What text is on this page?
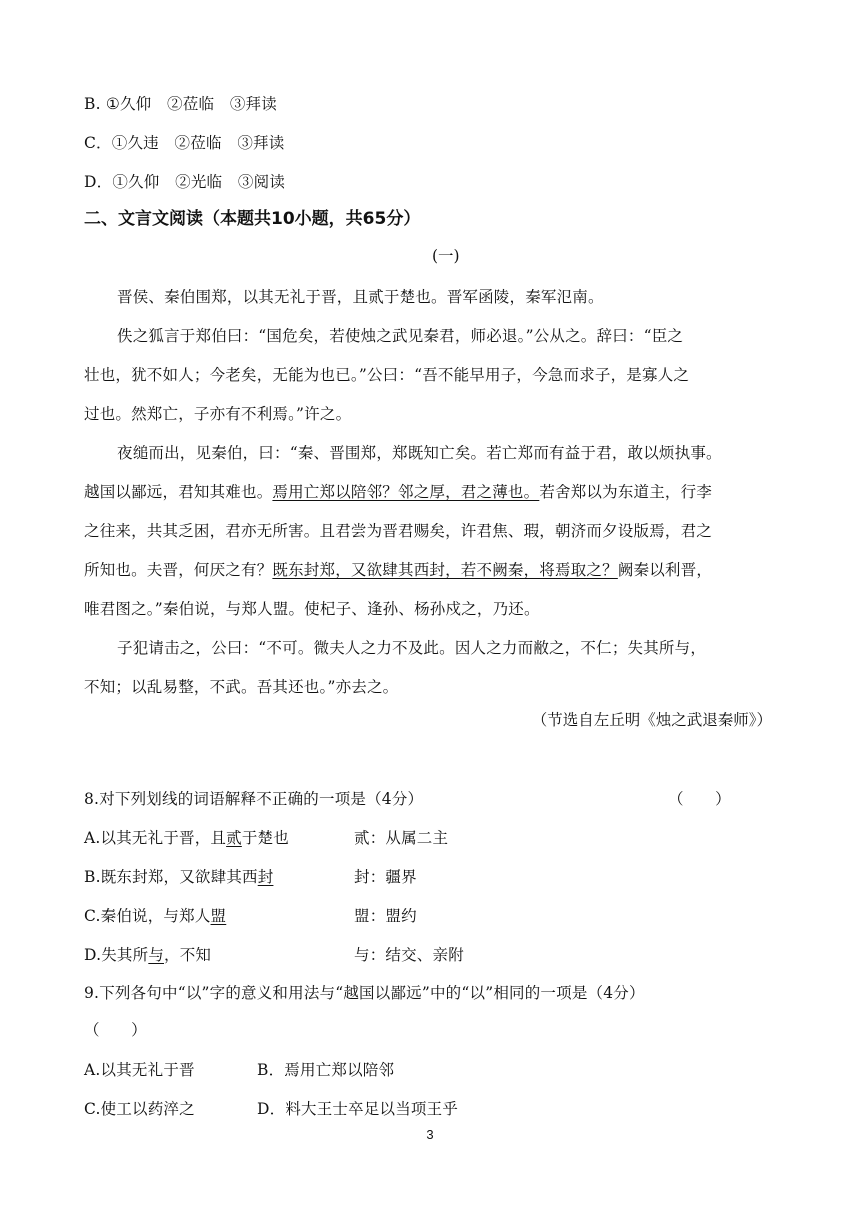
B. ①久仰　②莅临　③拜读
C．①久违　②莅临　③拜读
D．①久仰　②光临　③阅读
二、文言文阅读（本题共10小题，共65分）
(一)
晋侯、秦伯围郑，以其无礼于晋，且贰于楚也。晋军函陵，秦军氾南。
佚之狐言于郑伯曰：“国危矣，若使烛之武见秦君，师必退。”公从之。辞曰：“臣之
壮也，犹不如人；今老矣，无能为也已。”公曰：“吾不能早用子，今急而求子，是寡人之
过也。然郑亡，子亦有不利焉。”许之。
夜缒而出，见秦伯，曰：“秦、晋围郑，郑既知亡矣。若亡郑而有益于君，敢以烦执事。
越国以鄙远，君知其难也。焉用亡郑以陪邻？邻之厚，君之薄也。若舍郑以为东道主，行李
之往来，共其乏困，君亦无所害。且君尝为晋君赐矣，许君焦、瑕，朝济而夕设版焉，君之
所知也。夫晋，何厌之有？既东封郑，又欲肆其西封，若不阙秦，将焉取之？阙秦以利晋，
唯君图之。”秦伯说，与郑人盟。使杞子、逢孙、杨孙戍之，乃还。
子犯请击之，公曰：“不可。微夫人之力不及此。因人之力而敝之，不仁；失其所与，
不知；以乱易整，不武。吾其还也。”亦去之。
（节选自左丘明《烛之武退秦师》）
8.对下列划线的词语解释不正确的一项是（4分）	（　　）
A.以其无礼于晋，且贰于楚也	贰：从属二主
B.既东封郑，又欲肆其西封	封：疆界
C.秦伯说，与郑人盟	盟：盟约
D.失其所与，不知	与：结交、亲附
9.下列各句中“以”字的意义和用法与“越国以鄙远”中的“以”相同的一项是（4分）
（　　）
A.以其无礼于晋	B．焉用亡郑以陪邻
C.使工以药淬之	D．料大王士卒足以当项王乎
3
